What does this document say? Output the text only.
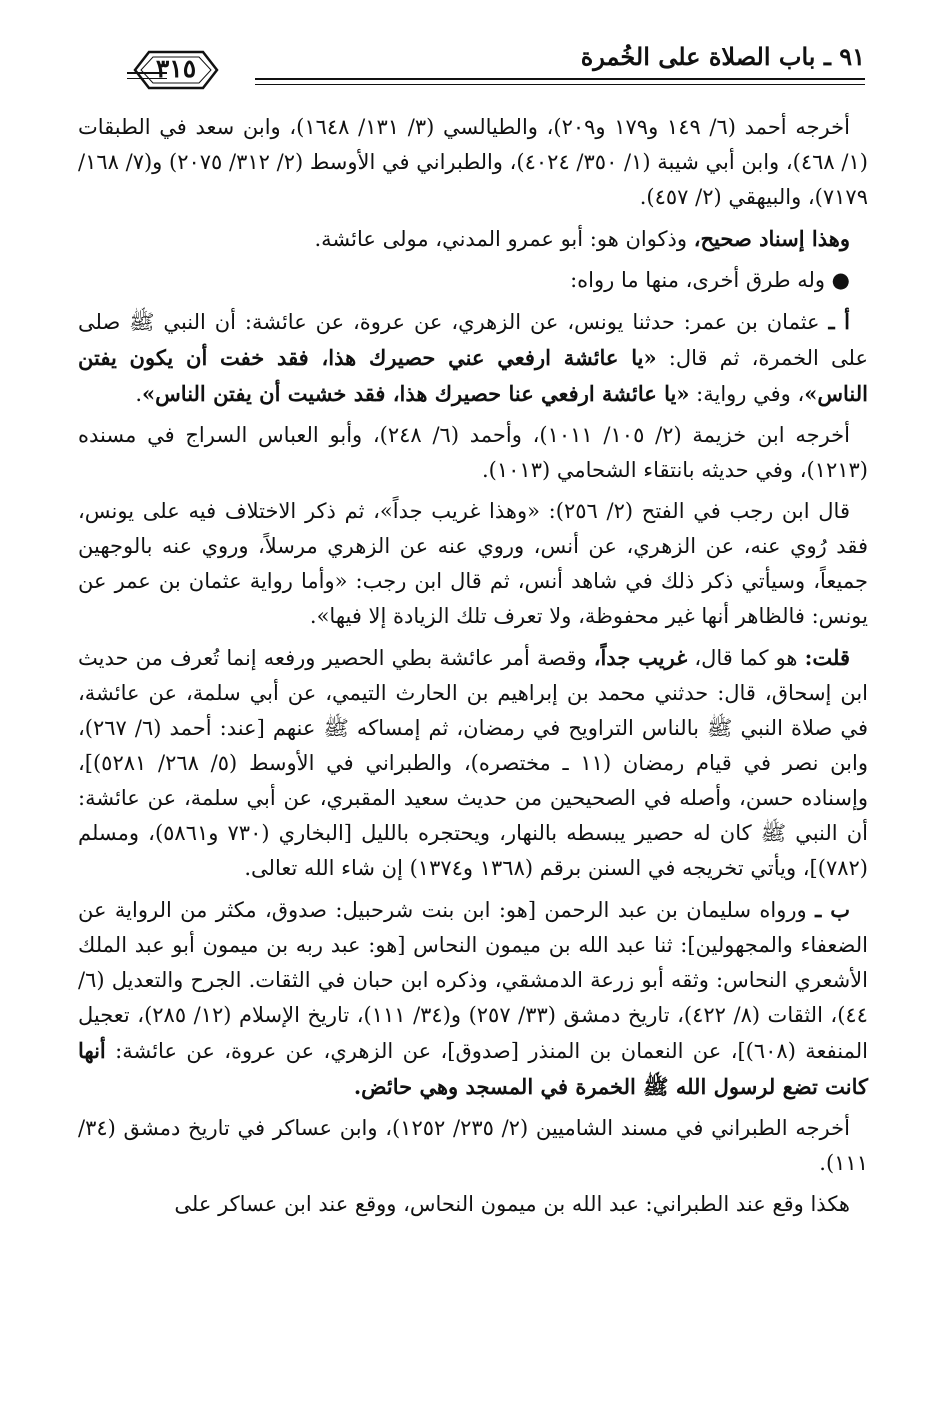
٩١ ـ باب الصلاة على الخُمرة
٣١٥

أخرجه أحمد (٦/ ١٤٩ و١٧٩ و٢٠٩)، والطيالسي (٣/ ١٣١/ ١٦٤٨)، وابن سعد في الطبقات (١/ ٤٦٨)، وابن أبي شيبة (١/ ٣٥٠/ ٤٠٢٤)، والطبراني في الأوسط (٢/ ٣١٢/ ٢٠٧٥) و(٧/ ١٦٨/ ٧١٧٩)، والبيهقي (٢/ ٤٥٧).

وهذا إسناد صحيح، وذكوان هو: أبو عمرو المدني، مولى عائشة.

● وله طرق أخرى، منها ما رواه:

أ ـ عثمان بن عمر: حدثنا يونس، عن الزهري، عن عروة، عن عائشة: أن النبي ﷺ صلى على الخمرة، ثم قال: «يا عائشة ارفعي عني حصيرك هذا، فقد خفت أن يكون يفتن الناس»، وفي رواية: «يا عائشة ارفعي عنا حصيرك هذا، فقد خشيت أن يفتن الناس».

أخرجه ابن خزيمة (٢/ ١٠٥/ ١٠١١)، وأحمد (٦/ ٢٤٨)، وأبو العباس السراج في مسنده (١٢١٣)، وفي حديثه بانتقاء الشحامي (١٠١٣).

قال ابن رجب في الفتح (٢/ ٢٥٦): «وهذا غريب جداً»، ثم ذكر الاختلاف فيه على يونس، فقد رُوي عنه، عن الزهري، عن أنس، وروي عنه عن الزهري مرسلاً، وروي عنه بالوجهين جميعاً، وسيأتي ذكر ذلك في شاهد أنس، ثم قال ابن رجب: «وأما رواية عثمان بن عمر عن يونس: فالظاهر أنها غير محفوظة، ولا تعرف تلك الزيادة إلا فيها».

قلت: هو كما قال، غريب جداً، وقصة أمر عائشة بطي الحصير ورفعه إنما تُعرف من حديث ابن إسحاق، قال: حدثني محمد بن إبراهيم بن الحارث التيمي، عن أبي سلمة، عن عائشة، في صلاة النبي ﷺ بالناس التراويح في رمضان، ثم إمساكه ﷺ عنهم [عند: أحمد (٦/ ٢٦٧)، وابن نصر في قيام رمضان (١١ ـ مختصره)، والطبراني في الأوسط (٥/ ٢٦٨/ ٥٢٨١)]، وإسناده حسن، وأصله في الصحيحين من حديث سعيد المقبري، عن أبي سلمة، عن عائشة: أن النبي ﷺ كان له حصير يبسطه بالنهار، ويحتجره بالليل [البخاري (٧٣٠ و٥٨٦١)، ومسلم (٧٨٢)]، ويأتي تخريجه في السنن برقم (١٣٦٨ و١٣٧٤) إن شاء الله تعالى.

ب ـ ورواه سليمان بن عبد الرحمن [هو: ابن بنت شرحبيل: صدوق، مكثر من الرواية عن الضعفاء والمجهولين]: ثنا عبد الله بن ميمون النحاس [هو: عبد ربه بن ميمون أبو عبد الملك الأشعري النحاس: وثقه أبو زرعة الدمشقي، وذكره ابن حبان في الثقات. الجرح والتعديل (٦/ ٤٤)، الثقات (٨/ ٤٢٢)، تاريخ دمشق (٣٣/ ٢٥٧) و(٣٤/ ١١١)، تاريخ الإسلام (١٢/ ٢٨٥)، تعجيل المنفعة (٦٠٨)]، عن النعمان بن المنذر [صدوق]، عن الزهري، عن عروة، عن عائشة: أنها كانت تضع لرسول الله ﷺ الخمرة في المسجد وهي حائض.

أخرجه الطبراني في مسند الشاميين (٢/ ٢٣٥/ ١٢٥٢)، وابن عساكر في تاريخ دمشق (٣٤/ ١١١).

هكذا وقع عند الطبراني: عبد الله بن ميمون النحاس، ووقع عند ابن عساكر على
